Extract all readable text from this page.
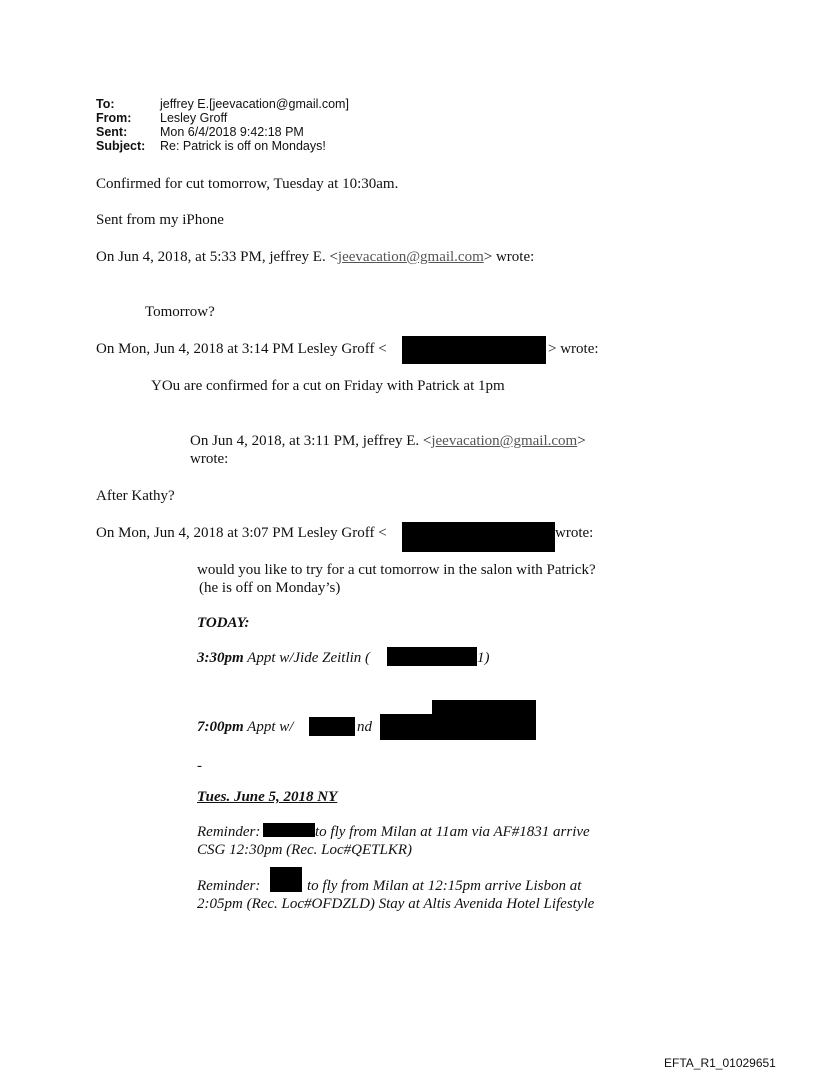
To:	jeffrey E.[jeevacation@gmail.com]
From: Lesley Groff
Sent:	Mon 6/4/2018 9:42:18 PM
Subject: Re: Patrick is off on Mondays!
Confirmed for cut tomorrow, Tuesday at 10:30am.
Sent from my iPhone
On Jun 4, 2018, at 5:33 PM, jeffrey E. <jeevacation@gmail.com> wrote:
Tomorrow?
On Mon, Jun 4, 2018 at 3:14 PM Lesley Groff <	> wrote:
YOu are confirmed for a cut on Friday with Patrick at 1pm
On Jun 4, 2018, at 3:11 PM, jeffrey E. <jeevacation@gmail.com>
wrote:
After Kathy?
On Mon, Jun 4, 2018 at 3:07 PM Lesley Groff <	wrote:
would you like to try for a cut tomorrow in the salon with Patrick?
(he is off on Monday’s)
TODAY:
3:30pm Appt w/Jide Zeitlin (	1)
7:00pm Appt w/	nd
-
Tues. June 5, 2018 NY
Reminder:	to fly from Milan at 11am via AF#1831 arrive
CSG 12:30pm (Rec. Loc#QETLKR)
Reminder:	to fly from Milan at 12:15pm arrive Lisbon at
2:05pm (Rec. Loc#OFDZLD) Stay at Altis Avenida Hotel Lifestyle
EFTA_R1_01029651
